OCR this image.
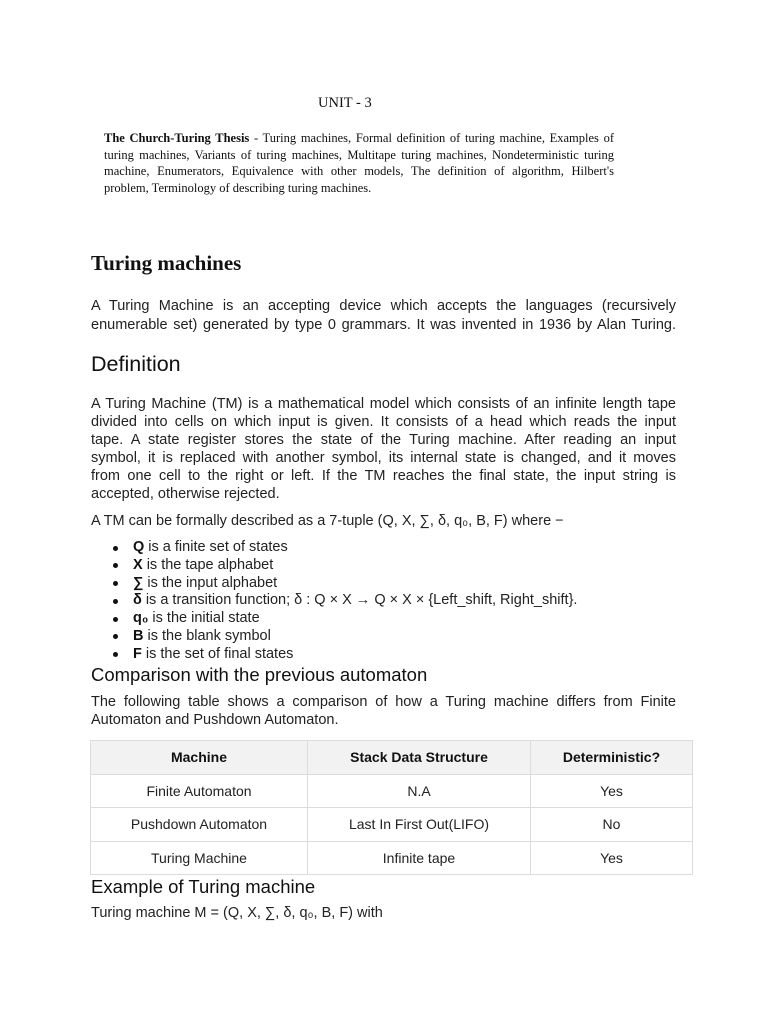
UNIT - 3
The Church-Turing Thesis - Turing machines, Formal definition of turing machine, Examples of
turing machines, Variants of turing machines, Multitape turing machines, Nondeterministic turing
machine, Enumerators, Equivalence with other models, The definition of algorithm, Hilbert's
problem, Terminology of describing turing machines.
Turing machines
A Turing Machine is an accepting device which accepts the languages (recursively
enumerable set) generated by type 0 grammars. It was invented in 1936 by Alan Turing.
Definition
A Turing Machine (TM) is a mathematical model which consists of an infinite length tape
divided into cells on which input is given. It consists of a head which reads the input
tape. A state register stores the state of the Turing machine. After reading an input
symbol, it is replaced with another symbol, its internal state is changed, and it moves
from one cell to the right or left. If the TM reaches the final state, the input string is
accepted, otherwise rejected.
A TM can be formally described as a 7-tuple (Q, X, ∑, δ, q₀, B, F) where −
Q is a finite set of states
X is the tape alphabet
∑ is the input alphabet
δ is a transition function; δ : Q × X → Q × X × {Left_shift, Right_shift}.
q₀ is the initial state
B is the blank symbol
F is the set of final states
Comparison with the previous automaton
The following table shows a comparison of how a Turing machine differs from Finite
Automaton and Pushdown Automaton.
Machine	Stack Data Structure	Deterministic?
Finite Automaton	N.A	Yes
Pushdown Automaton	Last In First Out(LIFO)	No
Turing Machine	Infinite tape	Yes
Example of Turing machine
Turing machine M = (Q, X, ∑, δ, q₀, B, F) with
